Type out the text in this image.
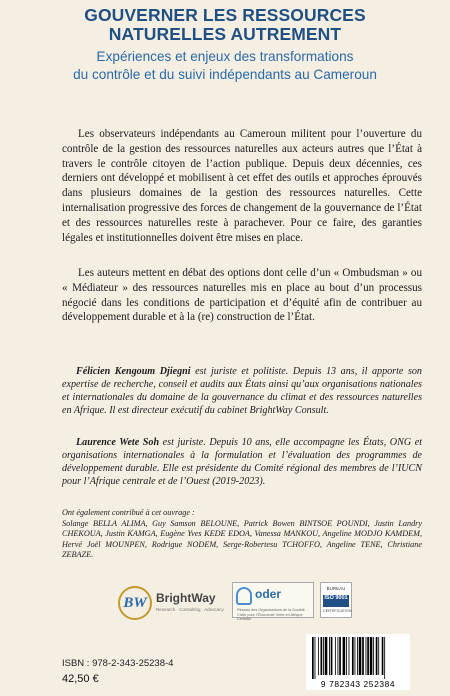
GOUVERNER LES RESSOURCES
NATURELLES AUTREMENT
Expériences et enjeux des transformations
du contrôle et du suivi indépendants au Cameroun

Les observateurs indépendants au Cameroun militent pour l’ouverture du contrôle de la gestion des ressources naturelles aux acteurs autres que l’État à travers le contrôle citoyen de l’action publique. Depuis deux décennies, ces derniers ont développé et mobilisent à cet effet des outils et approches éprouvés dans plusieurs domaines de la gestion des ressources naturelles. Cette internalisation progressive des forces de changement de la gouvernance de l’État et des ressources naturelles reste à parachever. Pour ce faire, des garanties légales et institutionnelles doivent être mises en place.

Les auteurs mettent en débat des options dont celle d’un « Ombudsman » ou « Médiateur » des ressources naturelles mis en place au bout d’un processus négocié dans les conditions de participation et d’équité afin de contribuer au développement durable et à la (re) construction de l’État.

Félicien Kengoum Djiegni est juriste et politiste. Depuis 13 ans, il apporte son expertise de recherche, conseil et audits aux États ainsi qu’aux organisations nationales et internationales du domaine de la gouvernance du climat et des ressources naturelles en Afrique. Il est directeur exécutif du cabinet BrightWay Consult.

Laurence Wete Soh est juriste. Depuis 10 ans, elle accompagne les États, ONG et organisations internationales à la formulation et l’évaluation des programmes de développement durable. Elle est présidente du Comité régional des membres de l’IUCN pour l’Afrique centrale et de l’Ouest (2019-2023).

Ont également contribué à cet ouvrage :

Solange BELLA ALIMA, Guy Samson BELOUNE, Patrick Bowen BINTSOE POUNDI, Justin Landry CHEKOUA, Justin KAMGA, Eugène Yves KEDE EDOA, Vanessa MANKOU, Angeline MODJO KAMDEM, Hervé Joël MOUNPEN, Rodrigue NODEM, Serge-Robertesu TCHOFFO, Angeline TENE, Christiane ZEBAZE.

BW BrightWay
Research · Consulting · Advocacy
oder
Réseau des Organisations de la Société Civile pour l’Économie Verte en Afrique Centrale
BUREAU
ISO 9001
CERTIFICATION
ISBN : 978-2-343-25238-4
42,50 €	9 782343 252384
